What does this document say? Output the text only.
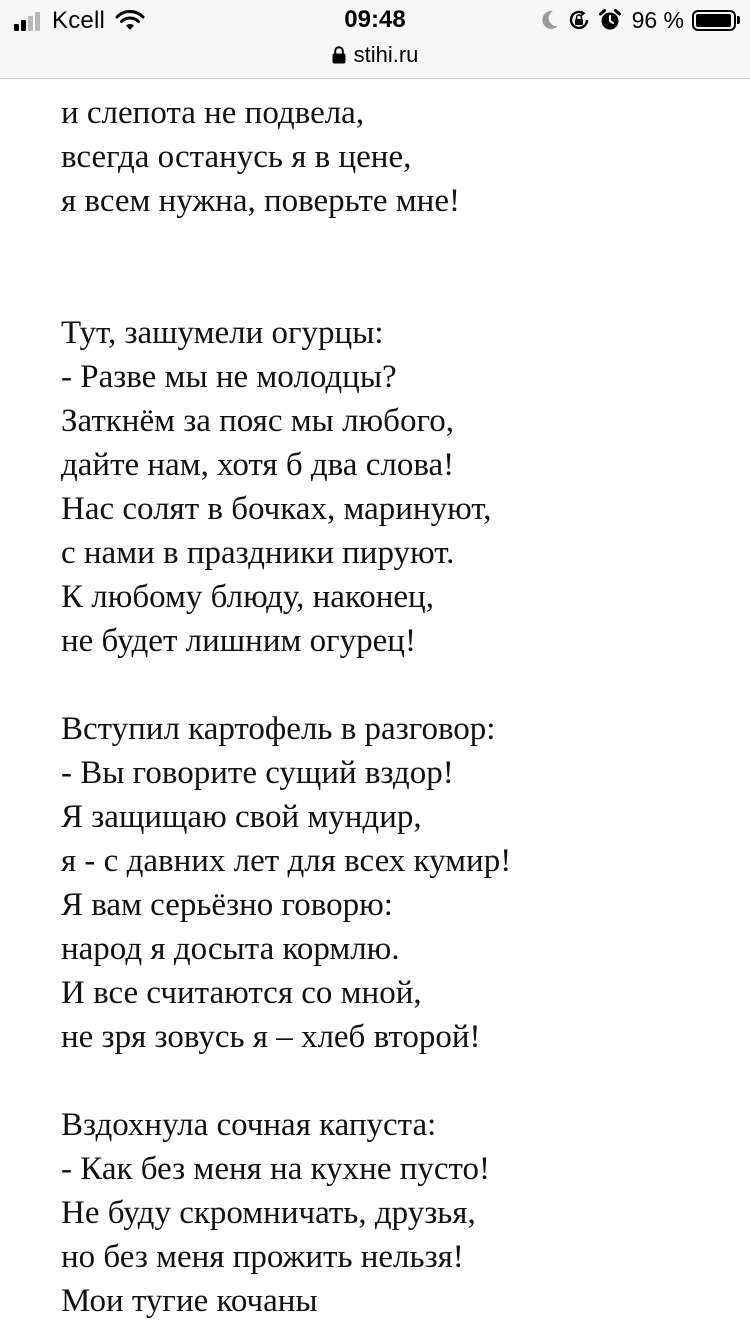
Kcell	09:48	96 %
stihi.ru
и слепота не подвела,
всегда останусь я в цене,
я всем нужна, поверьте мне!
Тут, зашумели огурцы:
- Разве мы не молодцы?
Заткнём за пояс мы любого,
дайте нам, хотя б два слова!
Нас солят в бочках, маринуют,
с нами в праздники пируют.
К любому блюду, наконец,
не будет лишним огурец!
Вступил картофель в разговор:
- Вы говорите сущий вздор!
Я защищаю свой мундир,
я - с давних лет для всех кумир!
Я вам серьёзно говорю:
народ я досыта кормлю.
И все считаются со мной,
не зря зовусь я – хлеб второй!
Вздохнула сочная капуста:
- Как без меня на кухне пусто!
Не буду скромничать, друзья,
но без меня прожить нельзя!
Мои тугие кочаны
